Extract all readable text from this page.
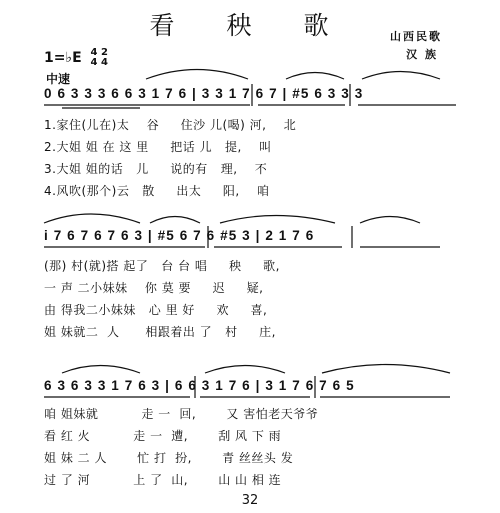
看 秧 歌	山西民歌
汉 族
1=♭E 4 2
4 4
中速
0 6 3 3 3 6 6 3 1 7 6 | 3 3 1 7 6 7 | #5 6 3 3 3
1.家住(儿在)太    谷     住沙 儿(喝) 河,    北
2.大姐 姐 在 这 里     把话 儿   提,    叫
3.大姐 姐的话   儿     说的有   理,    不
4.风吹(那个)云   散     出太     阳,    咱
i 7 6 7 6 7 6 3 | #5 6 7 6 #5 3 | 2 1 7 6
(那) 村(就)搭 起了   台 台 唱     秧     歌,
一 声 二小妹妹    你 莫 要     迟     疑,
由 得我二小妹妹   心 里 好     欢     喜,
姐 妹就二  人      相跟着出 了   村     庄,
6 3 6 3 3 1 7 6 3 | 6 6 3 1 7 6 | 3 1 7 6 7 6 5
咱 姐妹就          走 一  回,       又 害怕老天爷爷
看 红 火          走 一  遭,       刮 风 下 雨
姐 妹 二 人       忙 打  扮,       青 丝丝头 发
过 了 河          上 了  山,       山 山 相 连
32
